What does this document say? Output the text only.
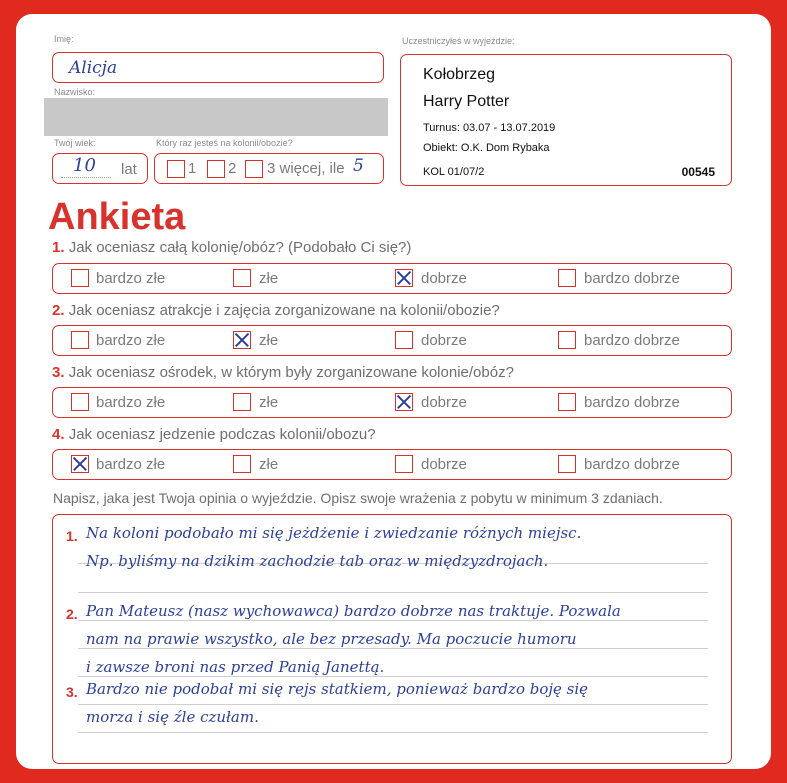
Imię:
Alicja
Nazwisko:
Twój wiek:
10 lat
Który raz jesteś na kolonii/obozie?
1 2 3 więcej, ile 5
Uczestniczyłeś w wyjeździe:
Kołobrzeg
Harry Potter
Turnus: 03.07 - 13.07.2019
Obiekt: O.K. Dom Rybaka
KOL 01/07/2	00545
Ankieta
1. Jak oceniasz całą kolonię/obóz? (Podobało Ci się?)
bardzo złe	złe	dobrze	bardzo dobrze
2. Jak oceniasz atrakcje i zajęcia zorganizowane na kolonii/obozie?
bardzo złe	złe	dobrze	bardzo dobrze
3. Jak oceniasz ośrodek, w którym były zorganizowane kolonie/obóz?
bardzo złe	złe	dobrze	bardzo dobrze
4. Jak oceniasz jedzenie podczas kolonii/obozu?
bardzo złe	złe	dobrze	bardzo dobrze
Napisz, jaka jest Twoja opinia o wyjeździe. Opisz swoje wrażenia z pobytu w minimum 3 zdaniach.
1. Na koloni podobało mi się jeżdżenie i zwiedzanie różnych miejsc.
Np. byliśmy na dzikim zachodzie tab oraz w międzyzdrojach.
2. Pan Mateusz (nasz wychowawca) bardzo dobrze nas traktuje. Pozwala
nam na prawie wszystko, ale bez przesady. Ma poczucie humoru
i zawsze broni nas przed Panią Janettą.
3. Bardzo nie podobał mi się rejs statkiem, ponieważ bardzo boję się
morza i się źle czułam.
